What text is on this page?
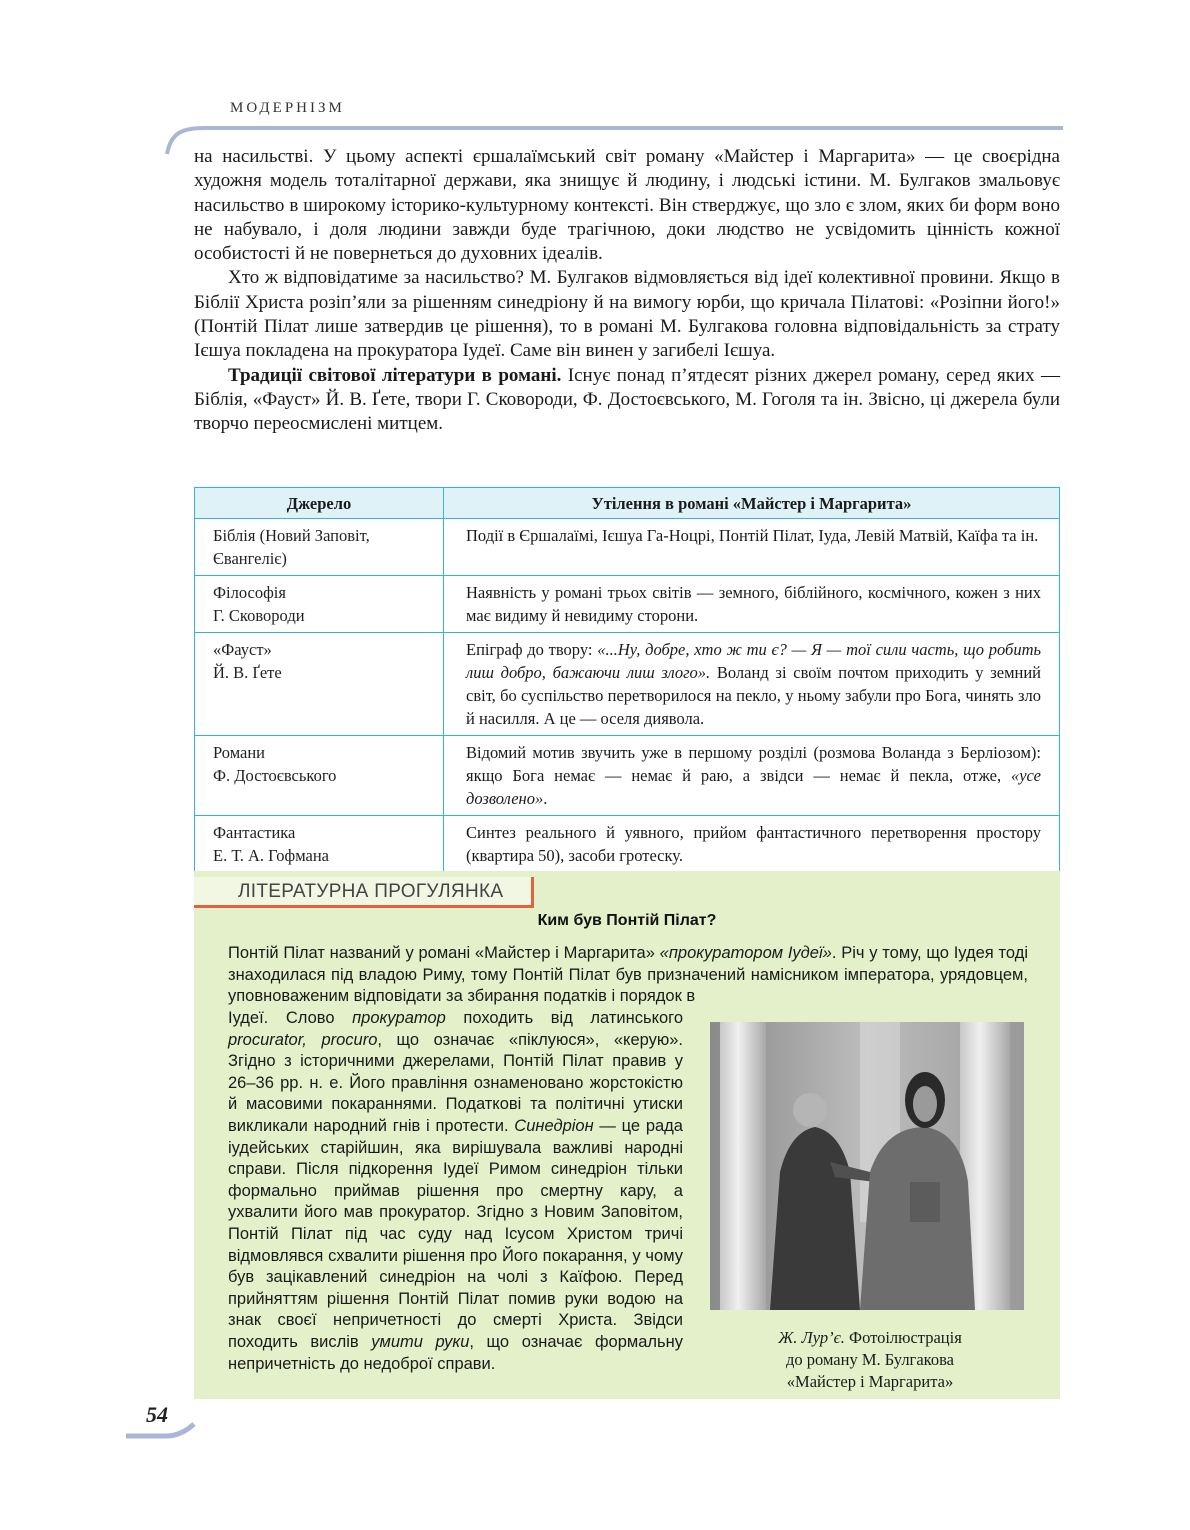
МОДЕРНІЗМ

на насильстві. У цьому аспекті єршалаїмський світ роману «Майстер і Маргарита» — це своєрідна художня модель тоталітарної держави, яка знищує й людину, і людські істини. М. Булгаков змальовує насильство в широкому історико-культурному контексті. Він стверджує, що зло є злом, яких би форм воно не набувало, і доля людини завжди буде трагічною, доки людство не усвідомить цінність кожної особистості й не повернеться до духовних ідеалів.

Хто ж відповідатиме за насильство? М. Булгаков відмовляється від ідеї колективної провини. Якщо в Біблії Христа розіп’яли за рішенням синедріону й на вимогу юрби, що кричала Пілатові: «Розіпни його!» (Понтій Пілат лише затвердив це рішення), то в романі М. Булгакова головна відповідальність за страту Ієшуа покладена на прокуратора Іудеї. Саме він винен у загибелі Ієшуа.

Традиції світової літератури в романі. Існує понад п’ятдесят різних джерел роману, серед яких — Біблія, «Фауст» Й. В. Ґете, твори Г. Сковороди, Ф. Достоєвського, М. Гоголя та ін. Звісно, ці джерела були творчо переосмислені митцем.

Джерело	Утілення в романі «Майстер і Маргарита»
Біблія (Новий Заповіт,
Євангеліє)	Події в Єршалаїмі, Ієшуа Га-Ноцрі, Понтій Пілат, Іуда, Левій Матвій, Каїфа та ін.
Філософія
Г. Сковороди	Наявність у романі трьох світів — земного, біблійного, космічного, кожен з них має видиму й невидиму сторони.
«Фауст»
Й. В. Ґете	Епіграф до твору: «...Ну, добре, хто ж ти є? — Я — тої сили часть, що робить лиш добро, бажаючи лиш злого». Воланд зі своїм почтом приходить у земний світ, бо суспільство перетворилося на пекло, у ньому забули про Бога, чинять зло й насилля. А це — оселя диявола.
Романи
Ф. Достоєвського	Відомий мотив звучить уже в першому розділі (розмова Воланда з Берліозом): якщо Бога немає — немає й раю, а звідси — немає й пекла, отже, «усе дозволено».
Фантастика
Е. Т. А. Гофмана	Синтез реального й уявного, прийом фантастичного перетворення простору (квартира 50), засоби гротеску.
ЛІТЕРАТУРНА ПРОГУЛЯНКА
Ким був Понтій Пілат?

Понтій Пілат названий у романі «Майстер і Маргарита» «прокуратором Іудеї». Річ у тому, що Іудея тоді знаходилася під владою Риму, тому Понтій Пілат був призначений намісником імператора, урядовцем, уповноваженим відповідати за збирання податків і порядок в

Іудеї. Слово прокуратор походить від латинського procurator, procuro, що означає «піклуюся», «керую». Згідно з історичними джерелами, Понтій Пілат правив у 26–36 рр. н. е. Його правління ознаменовано жорстокістю й масовими покараннями. Податкові та політичні утиски викликали народний гнів і протести. Синедріон — це рада іудейських старійшин, яка вирішувала важливі народні справи. Після підкорення Іудеї Римом синедріон тільки формально приймав рішення про смертну кару, а ухвалити його мав прокуратор. Згідно з Новим Заповітом, Понтій Пілат під час суду над Ісусом Христом тричі відмовлявся схвалити рішення про Його покарання, у чому був зацікавлений синедріон на чолі з Каїфою. Перед прийняттям рішення Понтій Пілат помив руки водою на знак своєї непричетності до смерті Христа. Звідси походить вислів умити руки, що означає формальну непричетність до недоброї справи.

Ж. Лур’є. Фотоілюстрація
до роману М. Булгакова
«Майстер і Маргарита»
54
